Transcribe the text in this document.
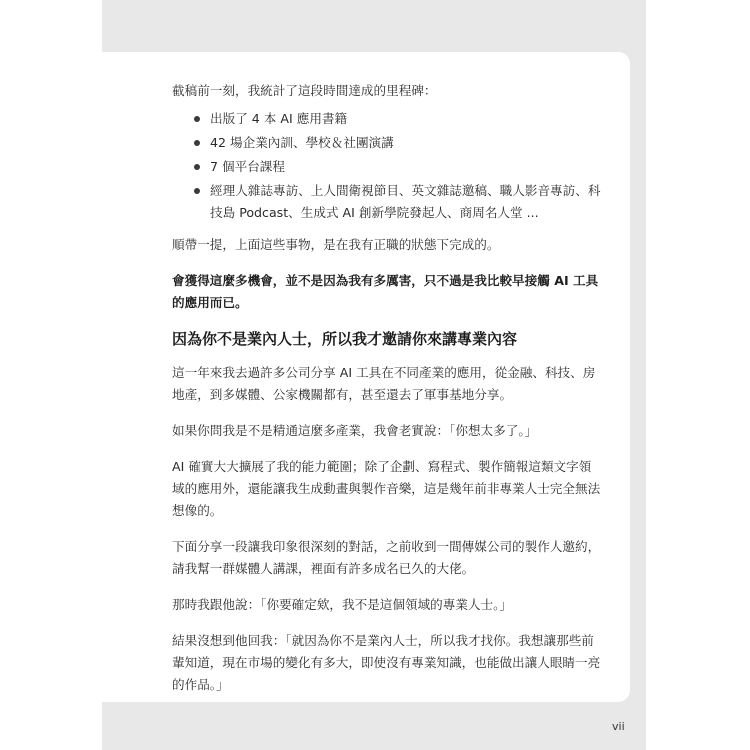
截稿前一刻，我統計了這段時間達成的里程碑：

出版了 4 本 AI 應用書籍
42 場企業內訓、學校＆社團演講
7 個平台課程
經理人雜誌專訪、上人間衛視節目、英文雜誌邀稿、職人影音專訪、科技島 Podcast、生成式 AI 創新學院發起人、商周名人堂 ...

順帶一提，上面這些事物，是在我有正職的狀態下完成的。

會獲得這麼多機會，並不是因為我有多厲害，只不過是我比較早接觸 AI 工具的應用而已。

因為你不是業內人士，所以我才邀請你來講專業內容

這一年來我去過許多公司分享 AI 工具在不同產業的應用，從金融、科技、房地產，到多媒體、公家機關都有，甚至還去了軍事基地分享。

如果你問我是不是精通這麼多產業，我會老實說：「你想太多了。」

AI 確實大大擴展了我的能力範圍；除了企劃、寫程式、製作簡報這類文字領域的應用外，還能讓我生成動畫與製作音樂，這是幾年前非專業人士完全無法想像的。

下面分享一段讓我印象很深刻的對話，之前收到一間傳媒公司的製作人邀約，請我幫一群媒體人講課，裡面有許多成名已久的大佬。

那時我跟他說：「你要確定欸，我不是這個領域的專業人士。」

結果沒想到他回我：「就因為你不是業內人士，所以我才找你。我想讓那些前輩知道，現在市場的變化有多大，即使沒有專業知識，也能做出讓人眼睛一亮的作品。」

vii
